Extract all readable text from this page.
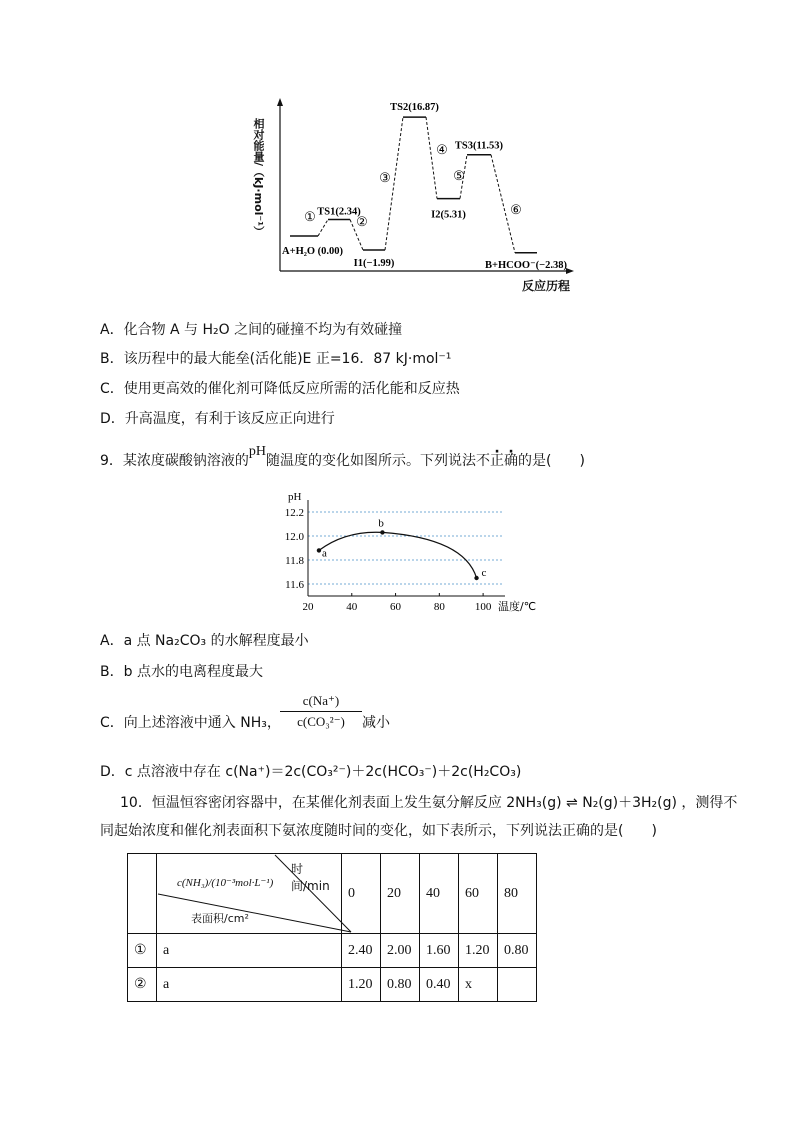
A+H₂O (0.00)
TS1(2.34)
I1(−1.99)
TS2(16.87)
I2(5.31)
TS3(11.53)
B+HCOO⁻(−2.38)
①	②
③
④
⑤
⑥
相对能量/（kJ·mol⁻¹）
反应历程
A．化合物 A 与 H₂O 之间的碰撞不均为有效碰撞
B．该历程中的最大能垒(活化能)E 正=16．87 kJ·mol⁻¹
C．使用更高效的催化剂可降低反应所需的活化能和反应热
D．升高温度，有利于该反应正向进行
9．某浓度碳酸钠溶液的pH随温度的变化如图所示。下列说法不正确的是(　　)
pH
温度/℃
11.6
11.8
12.0
12.2
20	40	60	80	100
a
b
c
A．a 点 Na₂CO₃ 的水解程度最小
B．b 点水的电离程度最大
C．向上述溶液中通入 NH₃，
c(Na⁺)
c(CO₃²⁻)	减小
D．c 点溶液中存在 c(Na⁺)＝2c(CO₃²⁻)＋2c(HCO₃⁻)＋2c(H₂CO₃)
10．恒温恒容密闭容器中，在某催化剂表面上发生氨分解反应 2NH₃(g) ⇌ N₂(g)＋3H₂(g) ，测得不
同起始浓度和催化剂表面积下氨浓度随时间的变化，如下表所示，下列说法正确的是(　　)

	时间/min
c(NH₃)/(10⁻³mol·L⁻¹)
表面积/cm²	0	20	40	60	80
①	a	2.40	2.00	1.60	1.20	0.80
②	a	1.20	0.80	0.40	x	
